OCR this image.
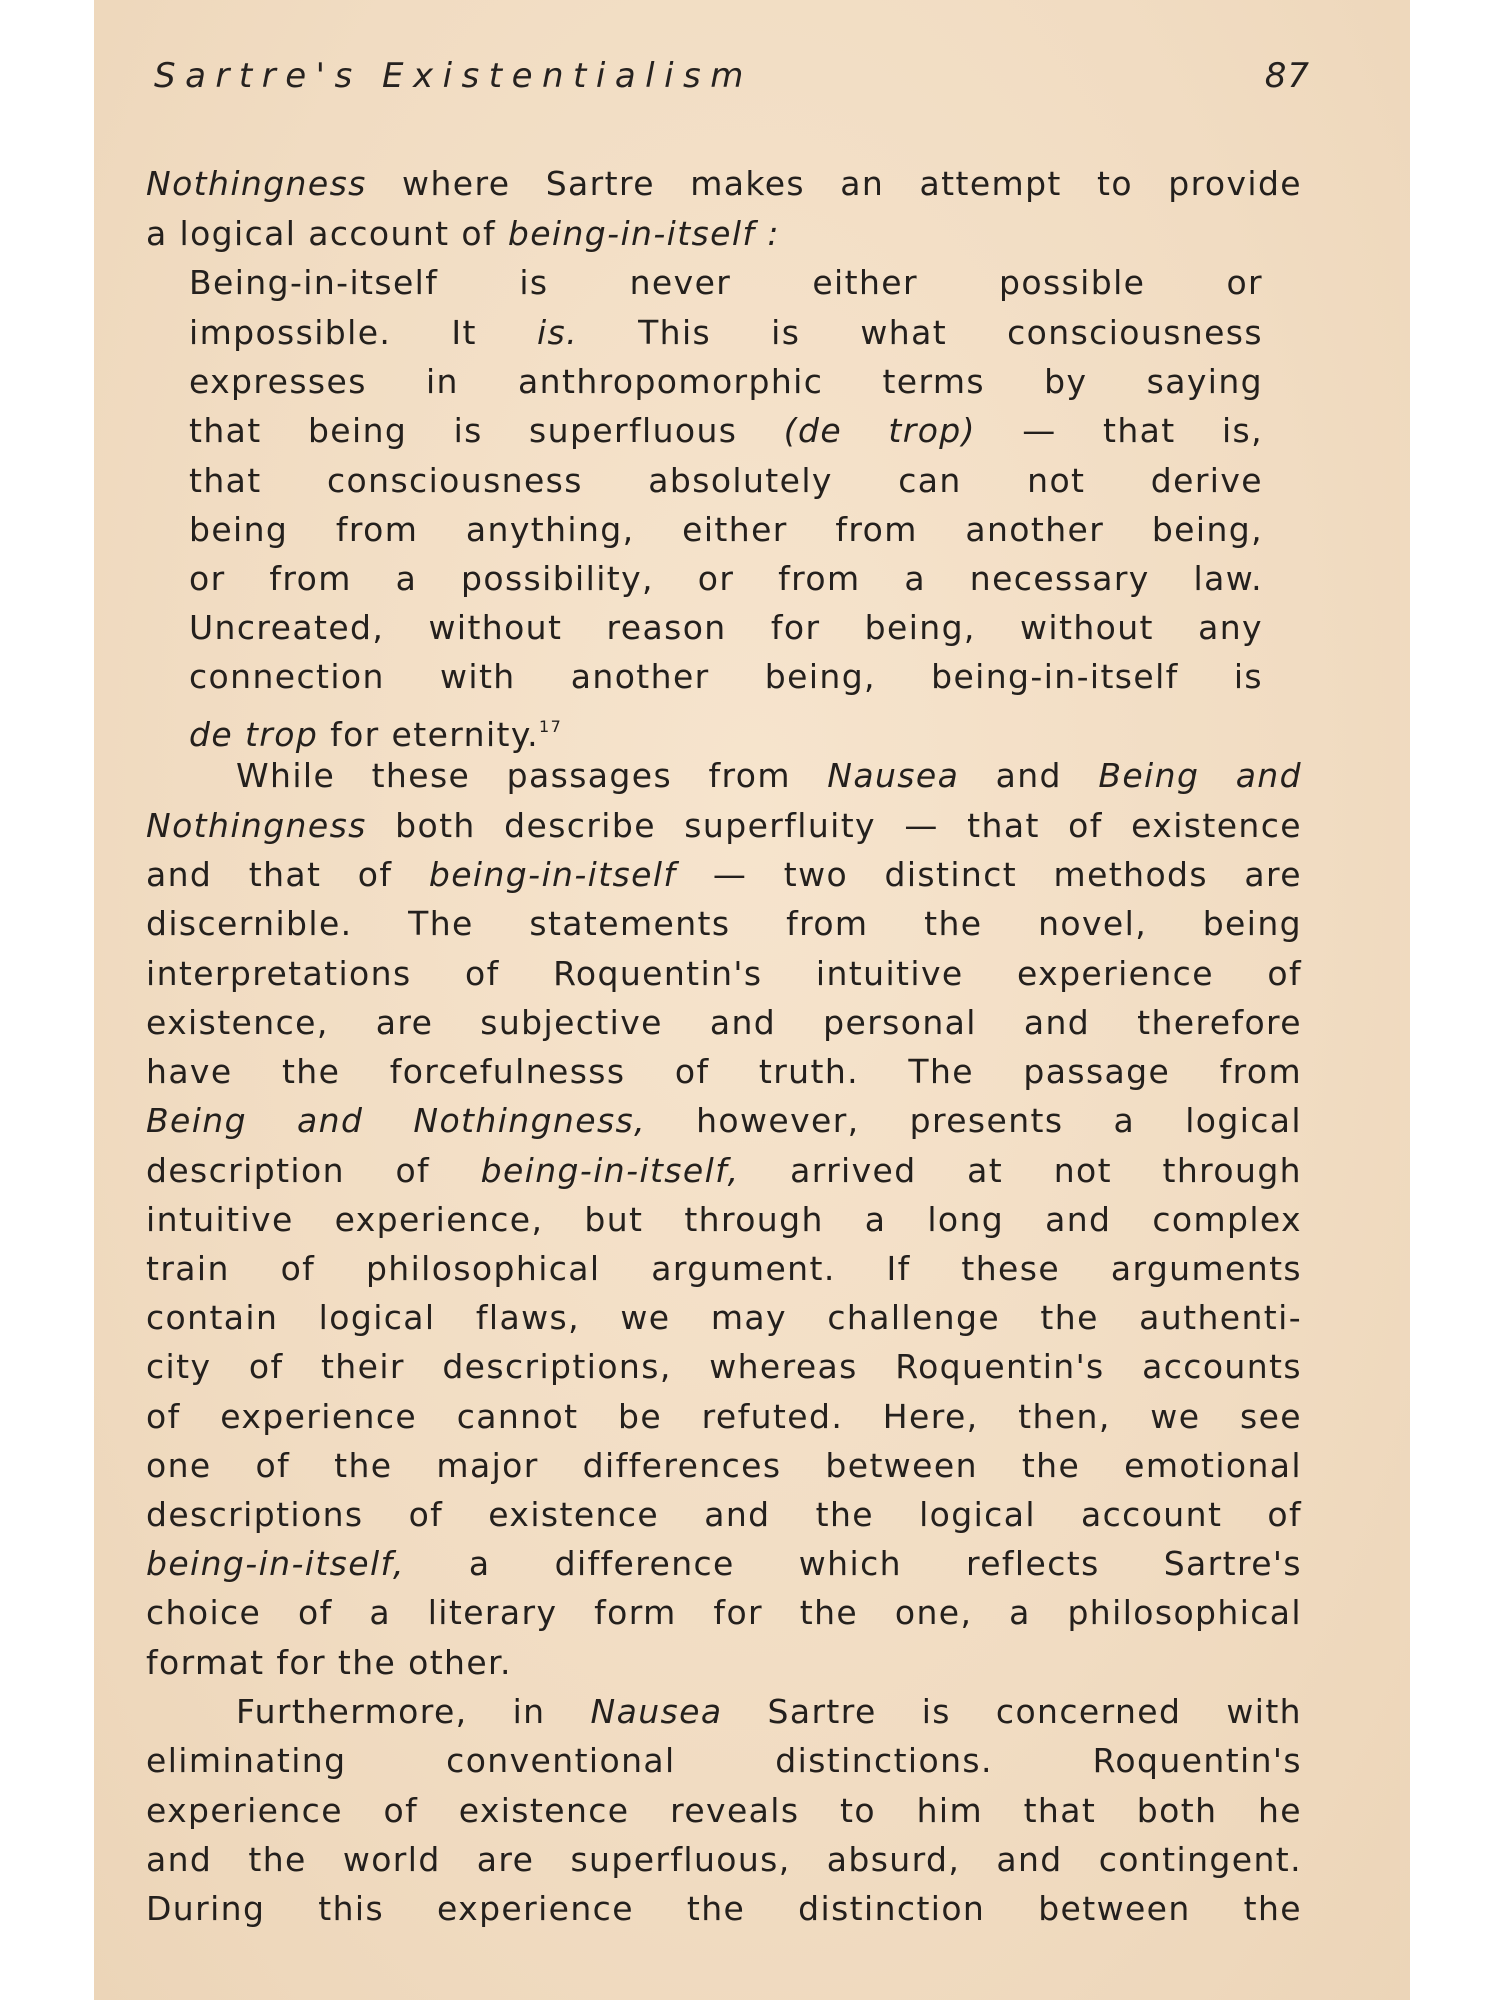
Sartre's Existentialism	87
Nothingness where Sartre makes an attempt to provide
a logical account of being-in-itself :
Being-in-itself is never either possible or
impossible. It is. This is what consciousness
expresses in anthropomorphic terms by saying
that being is superfluous (de trop) — that is,
that consciousness absolutely can not derive
being from anything, either from another being,
or from a possibility, or from a necessary law.
Uncreated, without reason for being, without any
connection with another being, being-in-itself is
de trop for eternity.$^{17}$
While these passages from Nausea and Being and
Nothingness both describe superfluity — that of existence
and that of being-in-itself — two distinct methods are
discernible. The statements from the novel, being
interpretations of Roquentin's intuitive experience of
existence, are subjective and personal and therefore
have the forcefulnesss of truth. The passage from
Being and Nothingness, however, presents a logical
description of being-in-itself, arrived at not through
intuitive experience, but through a long and complex
train of philosophical argument. If these arguments
contain logical flaws, we may challenge the authenti-
city of their descriptions, whereas Roquentin's accounts
of experience cannot be refuted. Here, then, we see
one of the major differences between the emotional
descriptions of existence and the logical account of
being-in-itself, a difference which reflects Sartre's
choice of a literary form for the one, a philosophical
format for the other.
Furthermore, in Nausea Sartre is concerned with
eliminating conventional distinctions. Roquentin's
experience of existence reveals to him that both he
and the world are superfluous, absurd, and contingent.
During this experience the distinction between the
